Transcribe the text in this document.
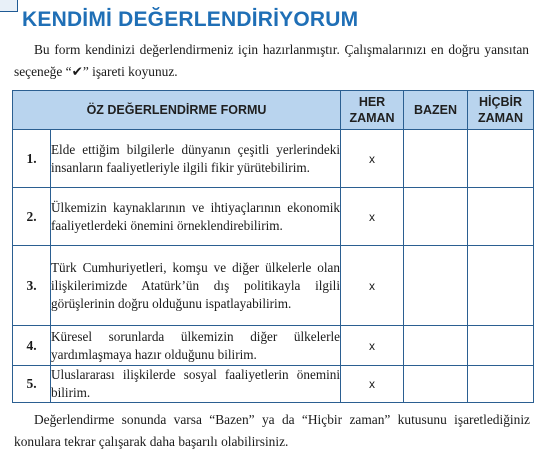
KENDİMİ DEĞERLENDİRİYORUM
Bu form kendinizi değerlendirmeniz için hazırlanmıştır. Çalışmalarınızı en doğru yansıtan seçeneğe “✔” işareti koyunuz.
ÖZ DEĞERLENDİRME FORMU		HER ZAMAN	BAZEN	HİÇBİR ZAMAN
1.	Elde ettiğim bilgilerle dünyanın çeşitli yerlerindeki insanların faaliyetleriyle ilgili fikir yürütebilirim.	x		
2.	Ülkemizin kaynaklarının ve ihtiyaçlarının ekonomik faaliyetlerdeki önemini örneklendirebilirim.	x		
3.	Türk Cumhuriyetleri, komşu ve diğer ülkelerle olan ilişkilerimizde Atatürk’ün dış politikayla ilgili görüşlerinin doğru olduğunu ispatlayabilirim.	x		
4.	Küresel sorunlarda ülkemizin diğer ülkelerle yardımlaşmaya hazır olduğunu bilirim.	x		
5.	Uluslararası ilişkilerde sosyal faaliyetlerin önemini bilirim.	x		
Değerlendirme sonunda varsa “Bazen” ya da “Hiçbir zaman” kutusunu işaretlediğiniz konulara tekrar çalışarak daha başarılı olabilirsiniz.
